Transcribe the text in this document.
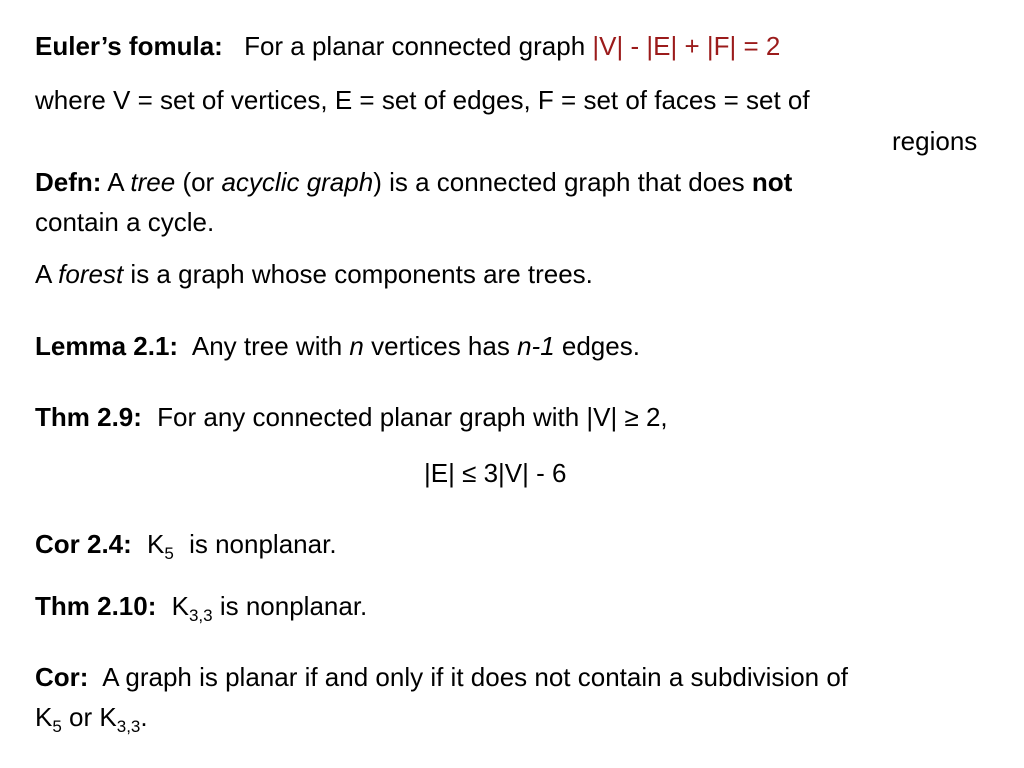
Euler’s fomula: For a planar connected graph |V| - |E| + |F| = 2
where V = set of vertices, E = set of edges, F = set of faces = set of
regions
Defn: A tree (or acyclic graph) is a connected graph that does not
contain a cycle.
A forest is a graph whose components are trees.
Lemma 2.1: Any tree with n vertices has n-1 edges.
Thm 2.9: For any connected planar graph with |V| ≥ 2,
|E| ≤ 3|V| - 6
Cor 2.4: $K_5$ is nonplanar.
Thm 2.10: $K_{3,3}$ is nonplanar.
Cor: A graph is planar if and only if it does not contain a subdivision of
$K_5$ or $K_{3,3}$.
